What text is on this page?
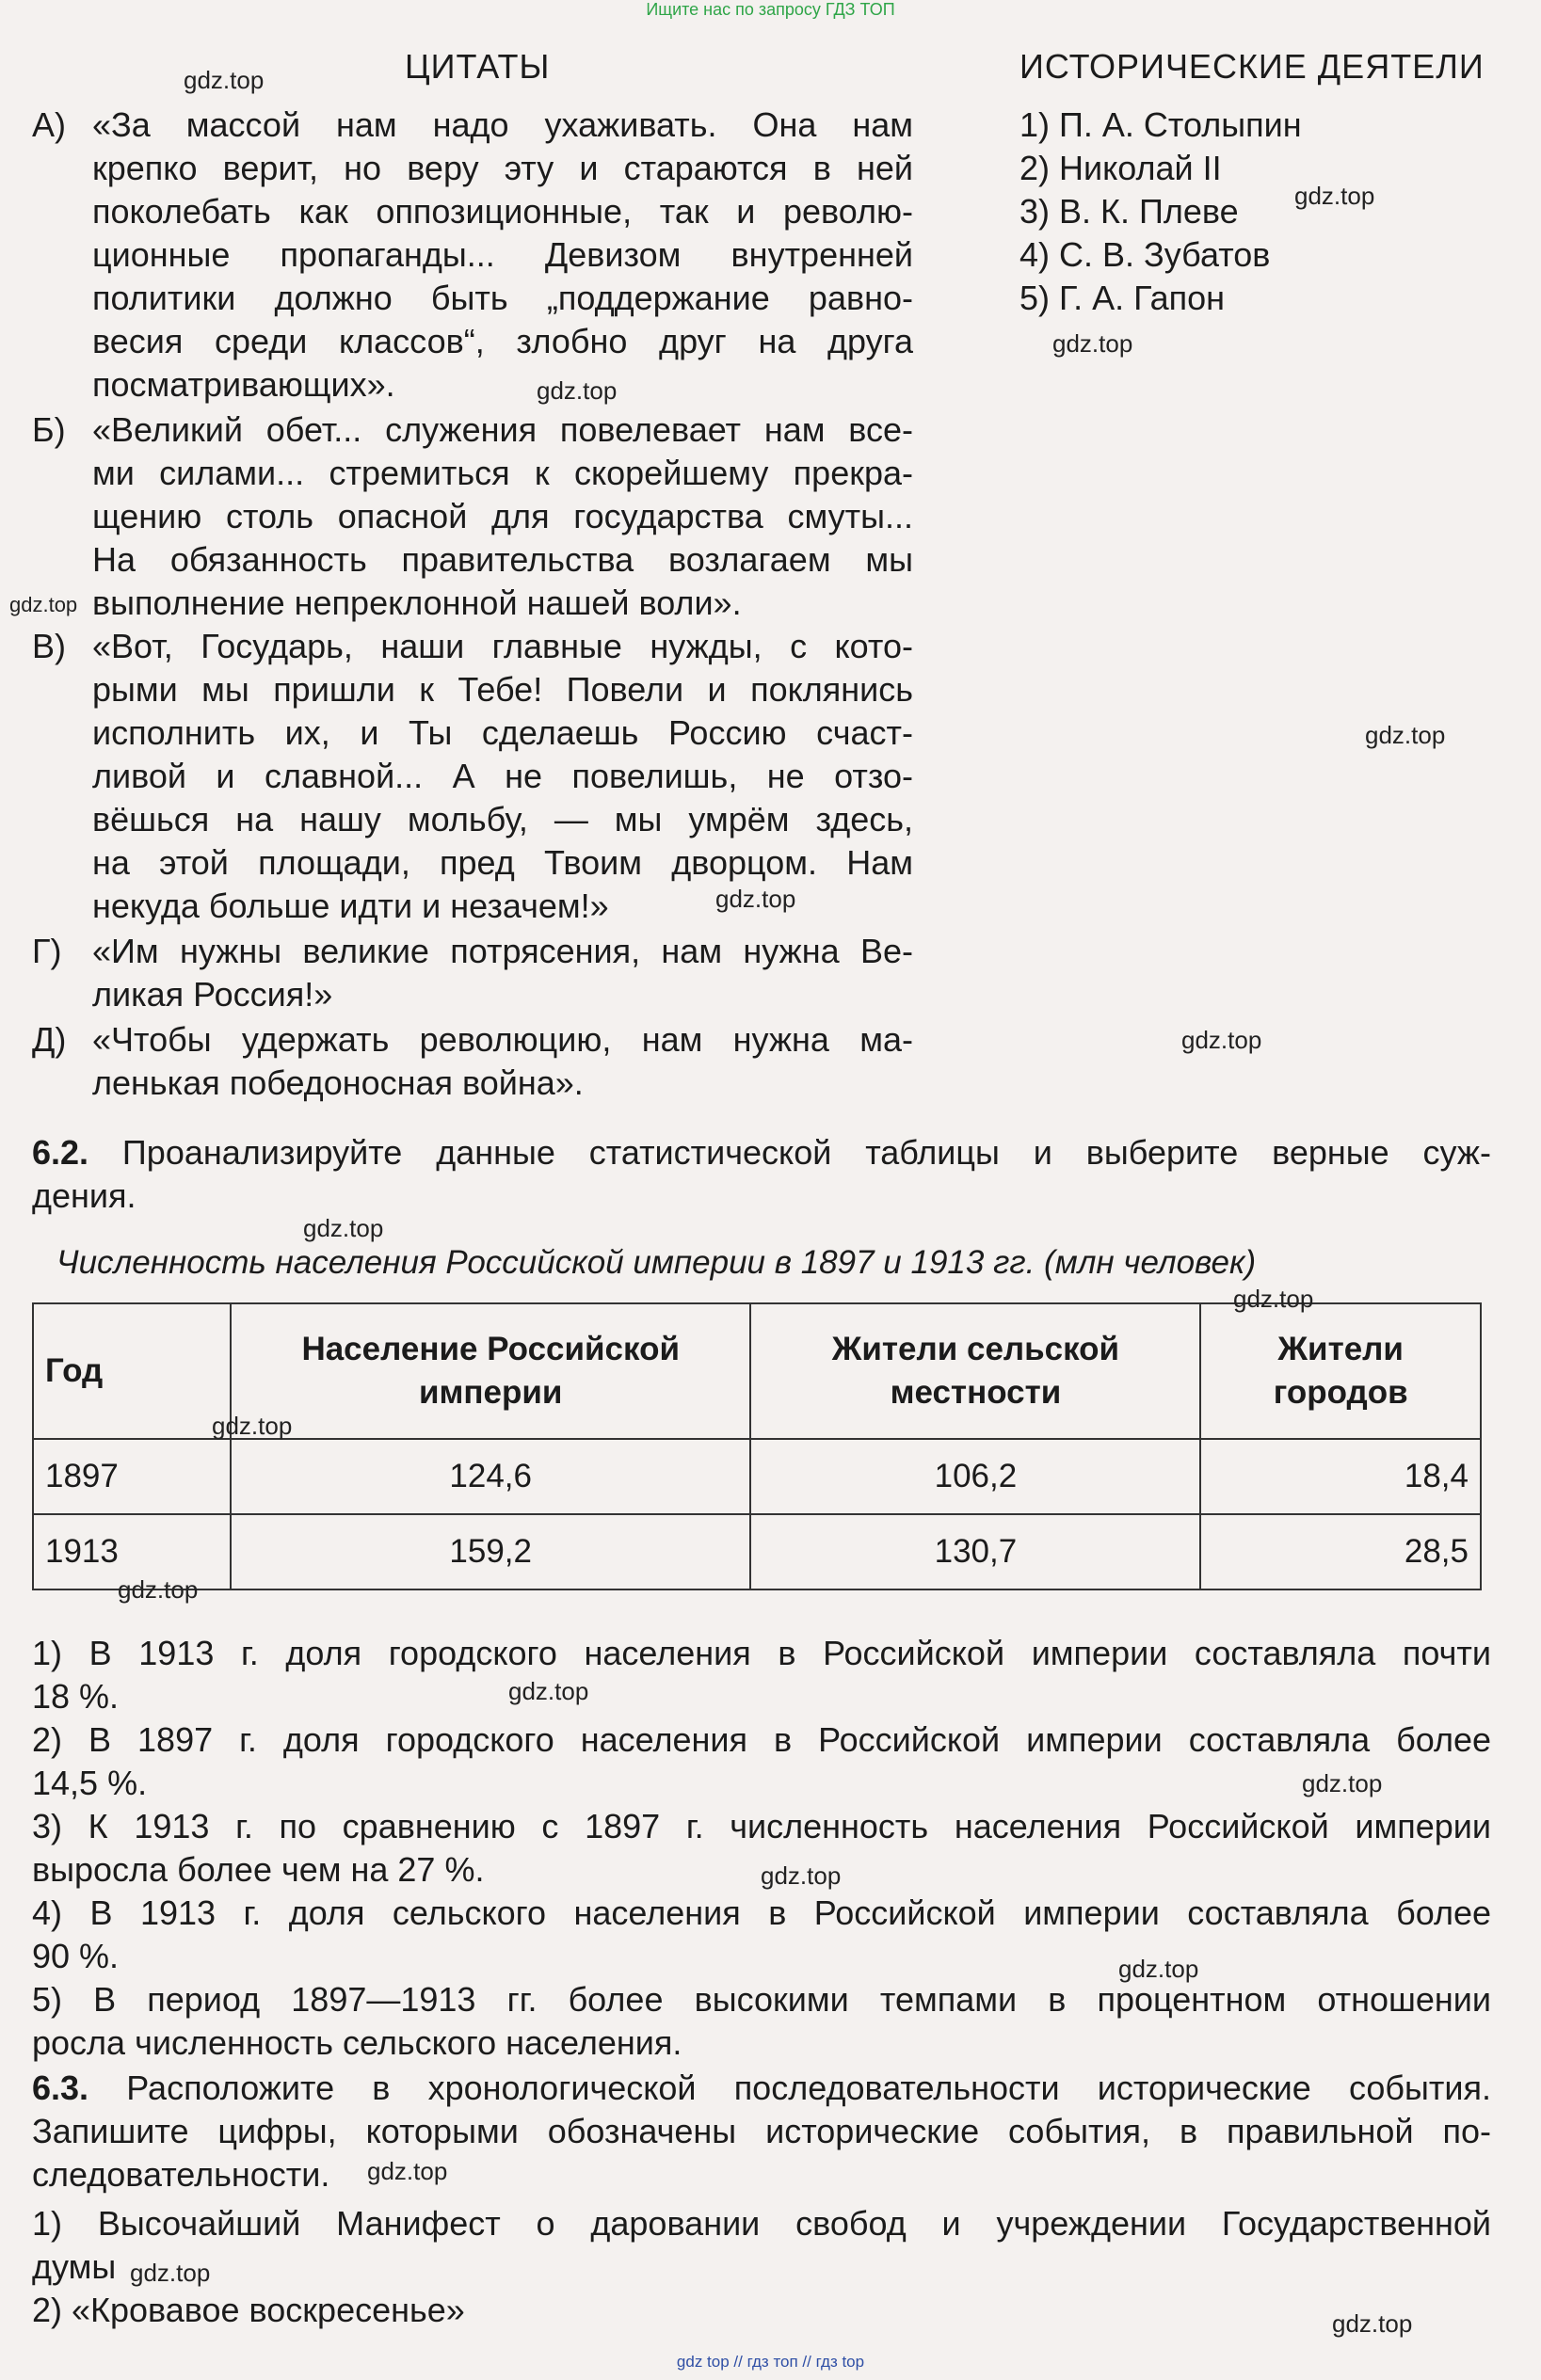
Ищите нас по запросу ГДЗ ТОП
ЦИТАТЫ	ИСТОРИЧЕСКИЕ ДЕЯТЕЛИ
А) «За массой нам надо ухаживать. Она нам
крепко верит, но веру эту и стараются в ней
поколебать как оппозиционные, так и револю-
ционные пропаганды... Девизом внутренней
политики должно быть „поддержание равно-
весия среди классов“, злобно друг на друга
посматривающих».
Б) «Великий обет... служения повелевает нам все-
ми силами... стремиться к скорейшему прекра-
щению столь опасной для государства смуты...
На обязанность правительства возлагаем мы
выполнение непреклонной нашей воли».
В) «Вот, Государь, наши главные нужды, с кото-
рыми мы пришли к Тебе! Повели и поклянись
исполнить их, и Ты сделаешь Россию счаст-
ливой и славной... А не повелишь, не отзо-
вёшься на нашу мольбу, — мы умрём здесь,
на этой площади, пред Твоим дворцом. Нам
некуда больше идти и незачем!»
Г) «Им нужны великие потрясения, нам нужна Ве-
ликая Россия!»
Д) «Чтобы удержать революцию, нам нужна ма-
ленькая победоносная война».
1) П. А. Столыпин
2) Николай II
3) В. К. Плеве
4) С. В. Зубатов
5) Г. А. Гапон
6.2. Проанализируйте данные статистической таблицы и выберите верные суж-
дения.
Численность населения Российской империи в 1897 и 1913 гг. (млн человек)
Год	Население Российской империи	Жители сельской местности	Жители городов
1897	124,6	106,2	18,4
1913	159,2	130,7	28,5
1) В 1913 г. доля городского населения в Российской империи составляла почти
18 %.
2) В 1897 г. доля городского населения в Российской империи составляла более
14,5 %.
3) К 1913 г. по сравнению с 1897 г. численность населения Российской империи
выросла более чем на 27 %.
4) В 1913 г. доля сельского населения в Российской империи составляла более
90 %.
5) В период 1897—1913 гг. более высокими темпами в процентном отношении
росла численность сельского населения.
6.3. Расположите в хронологической последовательности исторические события.
Запишите цифры, которыми обозначены исторические события, в правильной по-
следовательности.
1) Высочайший Манифест о даровании свобод и учреждении Государственной
думы
2) «Кровавое воскресенье»
gdz.top
gdz.top
gdz.top
gdz.top
gdz.top
gdz.top
gdz.top
gdz.top
gdz.top
gdz.top
gdz.top
gdz.top
gdz.top
gdz.top
gdz.top
gdz.top
gdz.top
gdz.top
gdz.top
gdz top // гдз топ // гдз top
